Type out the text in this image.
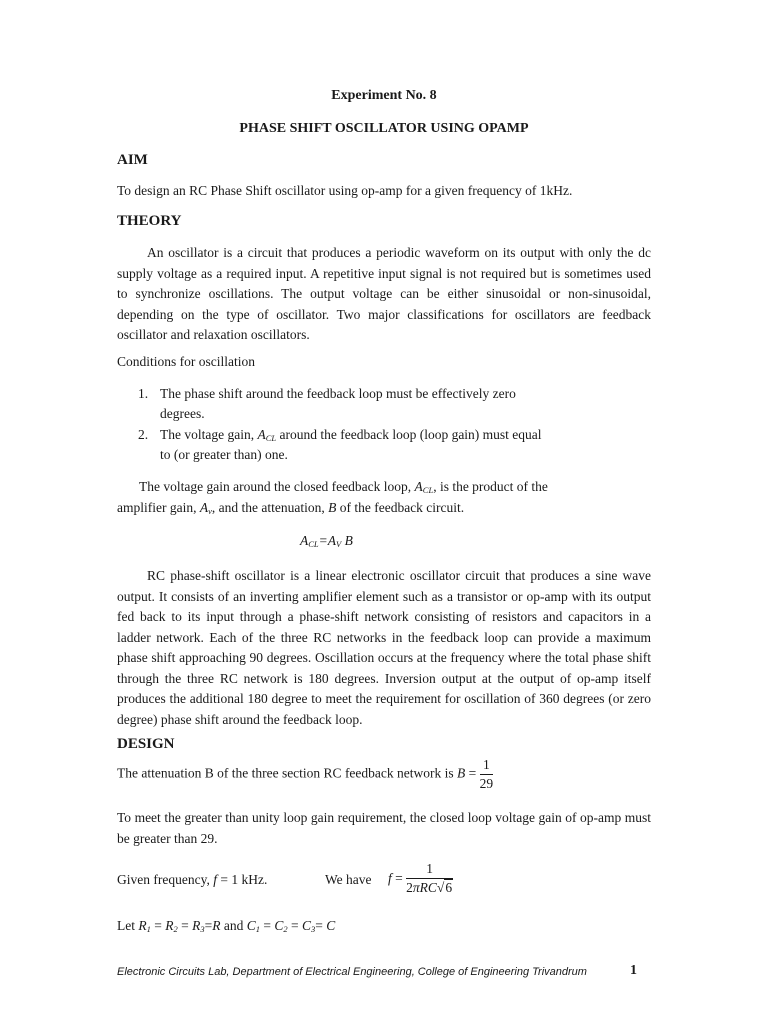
Experiment No. 8
PHASE SHIFT OSCILLATOR USING OPAMP
AIM
To design an RC Phase Shift oscillator using op-amp for a given frequency of 1kHz.
THEORY

An oscillator is a circuit that produces a periodic waveform on its output with only the dc supply voltage as a required input. A repetitive input signal is not required but is sometimes used to synchronize oscillations. The output voltage can be either sinusoidal or non-sinusoidal, depending on the type of oscillator. Two major classifications for oscillators are feedback oscillator and relaxation oscillators.

Conditions for oscillation
1. The phase shift around the feedback loop must be effectively zero
degrees.
2. The voltage gain, ACL around the feedback loop (loop gain) must equal
to (or greater than) one.
The voltage gain around the closed feedback loop, ACL, is the product of the
amplifier gain, Av, and the attenuation, B of the feedback circuit.
ACL=AV B

RC phase-shift oscillator is a linear electronic oscillator circuit that produces a sine wave output. It consists of an inverting amplifier element such as a transistor or op-amp with its output fed back to its input through a phase-shift network consisting of resistors and capacitors in a ladder network. Each of the three RC networks in the feedback loop can provide a maximum phase shift approaching 90 degrees. Oscillation occurs at the frequency where the total phase shift through the three RC network is 180 degrees. Inversion output at the output of op-amp itself produces the additional 180 degree to meet the requirement for oscillation of 360 degrees (or zero degree) phase shift around the feedback loop.

DESIGN
The attenuation B of the three section RC feedback network is $B = \frac{1}{29}$

To meet the greater than unity loop gain requirement, the closed loop voltage gain of op-amp must be greater than 29.

Given frequency, f = 1 kHz.	We have $f = \frac{1}{\text{2πRC√6}}$
Let R1 = R2 = R3=R and C1 = C2 = C3= C
Electronic Circuits Lab, Department of Electrical Engineering, College of Engineering Trivandrum	1
